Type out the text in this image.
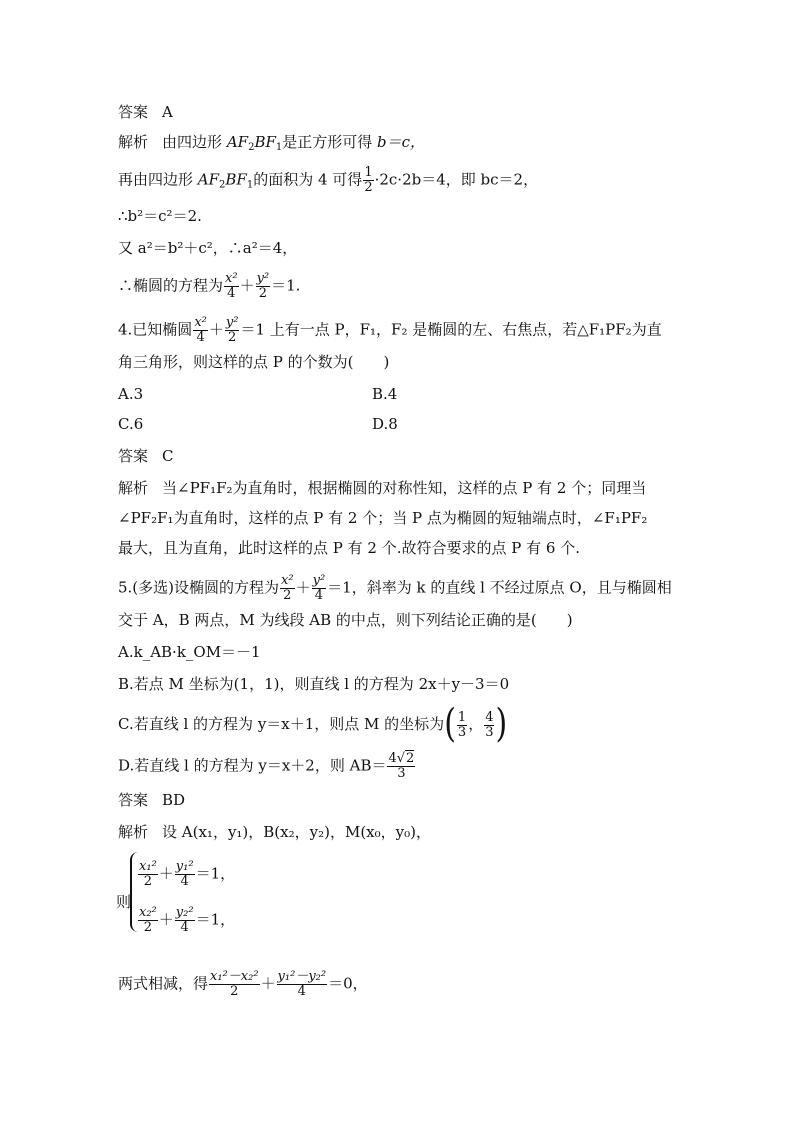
答案 A
解析 由四边形 $AF_2BF_1$是正方形可得 b＝c，
再由四边形 $AF_2BF_1$的面积为 4 可得 $\frac{1}{2} \cdot 2c\cdot 2b=4$，即 bc＝2，
∴b²＝c²＝2.
又 a²＝b²＋c²，∴a²＝4，
∴椭圆的方程为 $\frac{\text{x²}}{4} + \frac{\text{y²}}{2} =1$.
4.已知椭圆 $\frac{\text{x²}}{4} + \frac{\text{y²}}{2} =1$ 上有一点 P，F₁，F₂ 是椭圆的左、右焦点，若△F₁PF₂为直
角三角形，则这样的点 P 的个数为(　　)
A.3	B.4
C.6	D.8
答案 C
解析 当∠PF₁F₂为直角时，根据椭圆的对称性知，这样的点 P 有 2 个；同理当
∠PF₂F₁为直角时，这样的点 P 有 2 个；当 P 点为椭圆的短轴端点时，∠F₁PF₂
最大，且为直角，此时这样的点 P 有 2 个.故符合要求的点 P 有 6 个.
5.(多选)设椭圆的方程为 $\frac{\text{x²}}{2} + \frac{\text{y²}}{4} =1$，斜率为 k 的直线 l 不经过原点 O，且与椭圆相
交于 A，B 两点，M 为线段 AB 的中点，则下列结论正确的是(　　)
A.k_AB·k_OM＝－1
B.若点 M 坐标为(1，1)，则直线 l 的方程为 2x＋y－3＝0
C.若直线 l 的方程为 y＝x＋1，则点 M 的坐标为( $\frac{1}{3}$ ， $\frac{4}{3}$ )
D.若直线 l 的方程为 y＝x＋2，则 $AB= \frac{4√2}{3}$
答案 BD
解析 设 A(x₁，y₁)，B(x₂，y₂)，M(x₀，y₀)，
则
$\frac{\text{x₁²}}{2} + \frac{\text{y₁²}}{4} =1$，
$\frac{\text{x₂²}}{2} + \frac{\text{y₂²}}{4} =1$，
两式相减，得 $\frac{\text{x₁²－x₂²}}{2} + \frac{\text{y₁²－y₂²}}{4} =0$，
